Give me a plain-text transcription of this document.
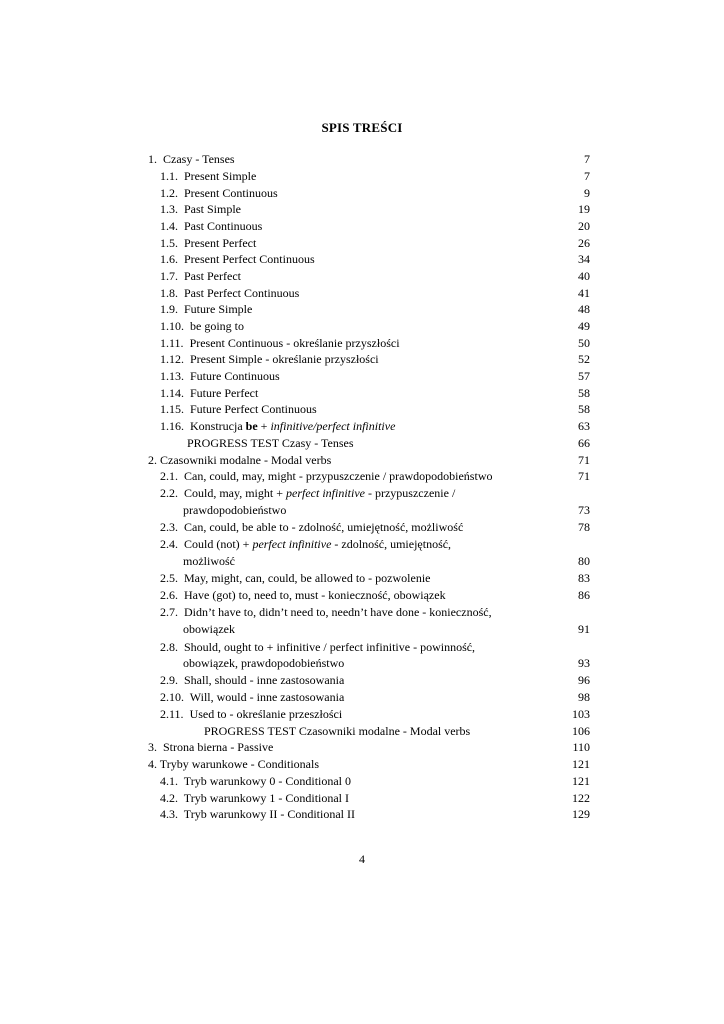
SPIS TREŚCI
1. Czasy - Tenses	7
1.1. Present Simple	7
1.2. Present Continuous	9
1.3. Past Simple	19
1.4. Past Continuous	20
1.5. Present Perfect	26
1.6. Present Perfect Continuous	34
1.7. Past Perfect	40
1.8. Past Perfect Continuous	41
1.9. Future Simple	48
1.10. be going to	49
1.11. Present Continuous - określanie przyszłości	50
1.12. Present Simple - określanie przyszłości	52
1.13. Future Continuous	57
1.14. Future Perfect	58
1.15. Future Perfect Continuous	58
1.16. Konstrucja be + infinitive/perfect infinitive	63
PROGRESS TEST Czasy - Tenses	66
2. Czasowniki modalne - Modal verbs	71
2.1. Can, could, may, might - przypuszczenie / prawdopodobieństwo	71
2.2. Could, may, might + perfect infinitive - przypuszczenie /
prawdopodobieństwo	73
2.3. Can, could, be able to - zdolność, umiejętność, możliwość	78
2.4. Could (not) + perfect infinitive - zdolność, umiejętność,
możliwość	80
2.5. May, might, can, could, be allowed to - pozwolenie	83
2.6. Have (got) to, need to, must - konieczność, obowiązek	86
2.7. Didn’t have to, didn’t need to, needn’t have done - konieczność,
obowiązek	91
2.8. Should, ought to + infinitive / perfect infinitive - powinność,
obowiązek, prawdopodobieństwo	93
2.9. Shall, should - inne zastosowania	96
2.10. Will, would - inne zastosowania	98
2.11. Used to - określanie przeszłości	103
PROGRESS TEST Czasowniki modalne - Modal verbs	106
3. Strona bierna - Passive	110
4. Tryby warunkowe - Conditionals	121
4.1. Tryb warunkowy 0 - Conditional 0	121
4.2. Tryb warunkowy 1 - Conditional I	122
4.3. Tryb warunkowy II - Conditional II	129
4
